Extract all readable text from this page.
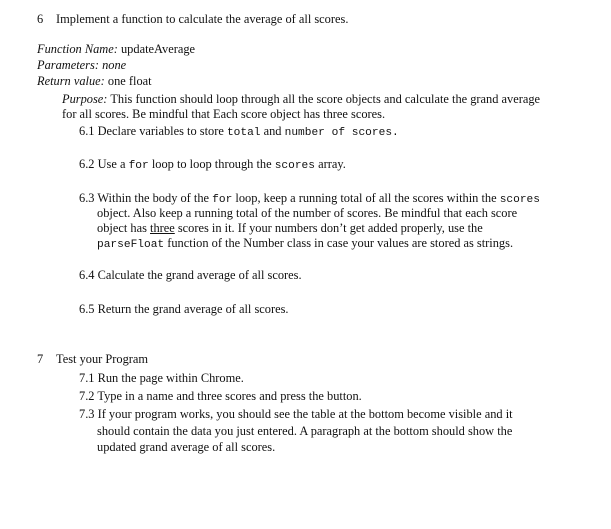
6 Implement a function to calculate the average of all scores.
Function Name: updateAverage
Parameters: none
Return value: one float
Purpose: This function should loop through all the score objects and calculate the grand average
for all scores. Be mindful that Each score object has three scores.
6.1 Declare variables to store total and number of scores.
6.2 Use a for loop to loop through the scores array.
6.3 Within the body of the for loop, keep a running total of all the scores within the scores
object. Also keep a running total of the number of scores. Be mindful that each score
object has three scores in it. If your numbers don’t get added properly, use the
parseFloat function of the Number class in case your values are stored as strings.
6.4 Calculate the grand average of all scores.
6.5 Return the grand average of all scores.
7 Test your Program
7.1 Run the page within Chrome.
7.2 Type in a name and three scores and press the button.
7.3 If your program works, you should see the table at the bottom become visible and it
should contain the data you just entered. A paragraph at the bottom should show the
updated grand average of all scores.
